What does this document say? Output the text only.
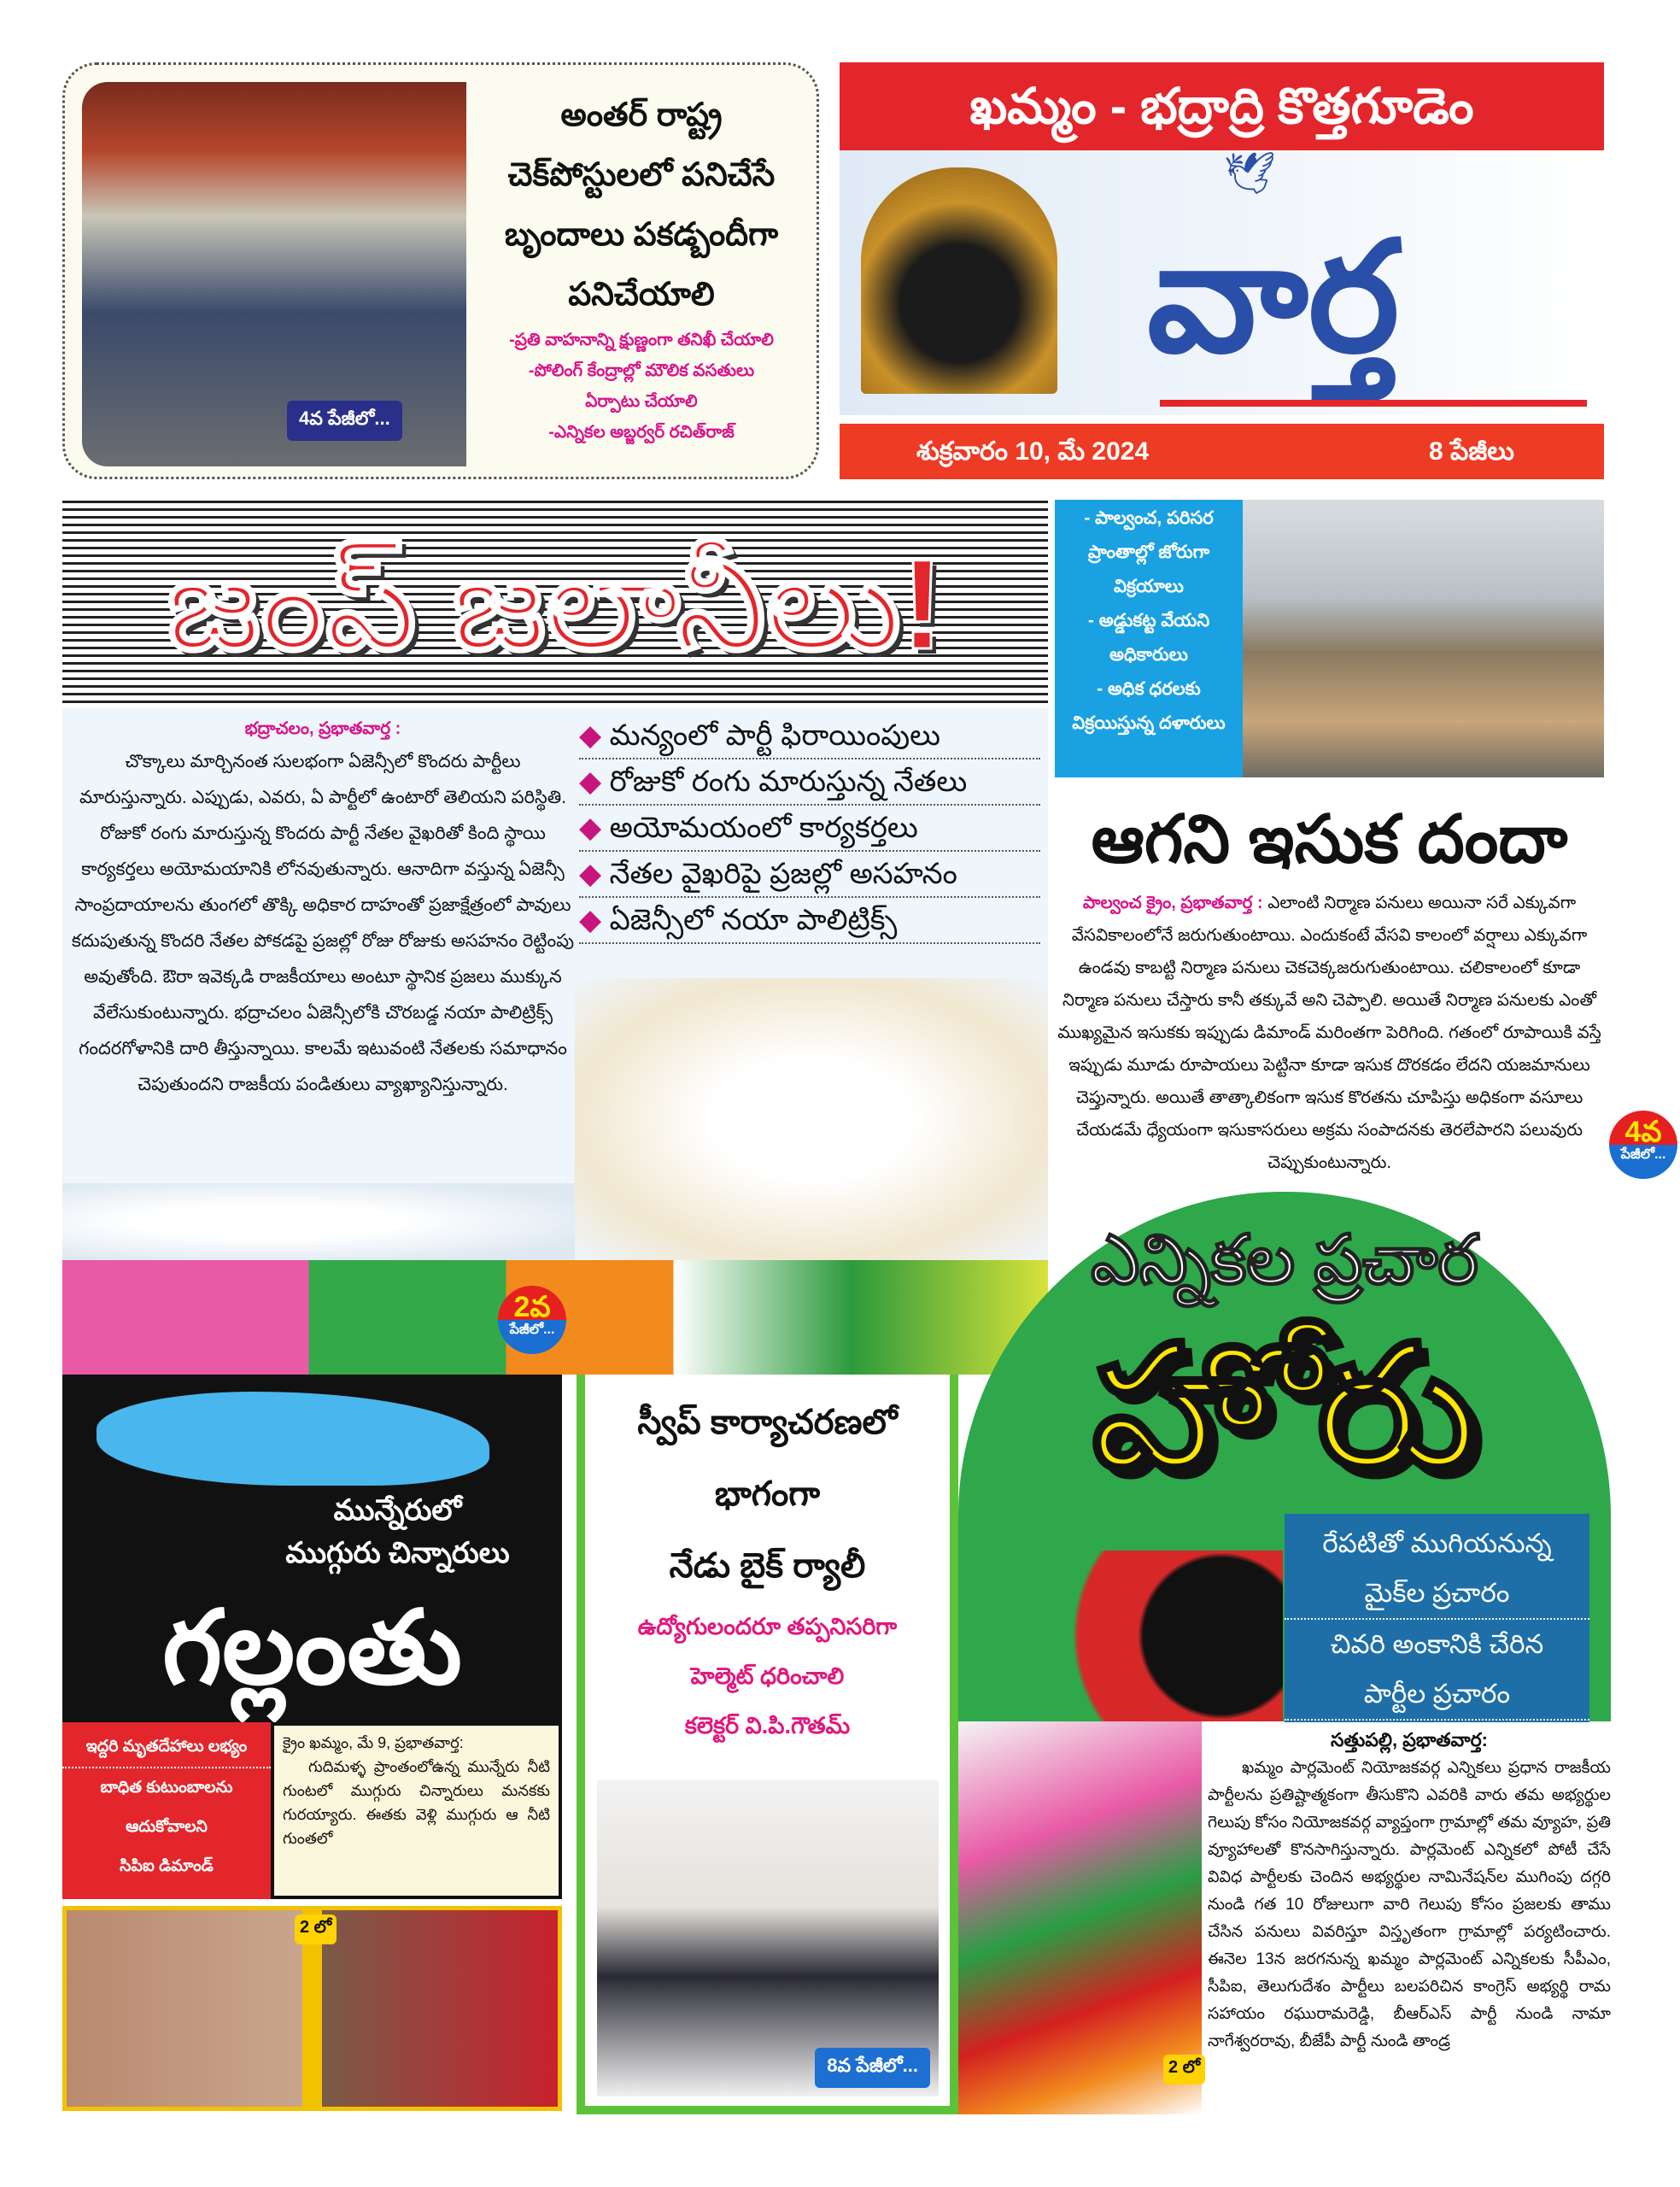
4వ పేజీలో...
అంతర్ రాష్ట్ర
చెక్‌పోస్టులలో పనిచేసే
బృందాలు పకడ్బందీగా
పనిచేయాలి
-ప్రతి వాహనాన్ని క్షుణ్ణంగా తనిఖీ చేయాలి
-పోలింగ్ కేంద్రాల్లో మౌలిక వసతులు
ఏర్పాటు చేయాలి
-ఎన్నికల అబ్జర్వర్ రచిత్‌రాజ్
ఖమ్మం - భద్రాద్రి కొత్తగూడెం
🕊
వార్త
శుక్రవారం 10, మే 2024	8 పేజీలు
జంప్ జలానీలు!
భద్రాచలం, ప్రభాతవార్త :

చొక్కాలు మార్చినంత సులభంగా ఏజెన్సీలో కొందరు పార్టీలు మారుస్తున్నారు. ఎప్పుడు, ఎవరు, ఏ పార్టీలో ఉంటారో తెలియని పరిస్థితి. రోజుకో రంగు మారుస్తున్న కొందరు పార్టీ నేతల వైఖరితో కింది స్థాయి కార్యకర్తలు అయోమయానికి లోనవుతున్నారు. ఆనాదిగా వస్తున్న ఏజెన్సీ సాంప్రదాయాలను తుంగలో తొక్కి అధికార దాహంతో ప్రజాక్షేత్రంలో పావులు కదుపుతున్న కొందరి నేతల పోకడపై ప్రజల్లో రోజు రోజుకు అసహనం రెట్టింపు అవుతోంది. ఔరా ఇవెక్కడి రాజకీయాలు అంటూ స్థానిక ప్రజలు ముక్కున వేలేసుకుంటున్నారు. భద్రాచలం ఏజెన్సీలోకి చొరబడ్డ నయా పాలిట్రిక్స్ గందరగోళానికి దారి తీస్తున్నాయి. కాలమే ఇటువంటి నేతలకు సమాధానం చెపుతుందని రాజకీయ పండితులు వ్యాఖ్యానిస్తున్నారు.

◆ మన్యంలో పార్టీ ఫిరాయింపులు
◆ రోజుకో రంగు మారుస్తున్న నేతలు
◆ అయోమయంలో కార్యకర్తలు
◆ నేతల వైఖరిపై ప్రజల్లో అసహనం
◆ ఏజెన్సీలో నయా పాలిట్రిక్స్
2వ
పేజీలో...
- పాల్వంచ, పరిసర
ప్రాంతాల్లో జోరుగా
విక్రయాలు
- అడ్డుకట్ట వేయని
అధికారులు
- అధిక ధరలకు
విక్రయిస్తున్న దళారులు
ఆగని ఇసుక దందా

పాల్వంచ క్రైం, ప్రభాతవార్త : ఎలాంటి నిర్మాణ పనులు అయినా సరే ఎక్కువగా వేసవికాలంలోనే జరుగుతుంటాయి. ఎందుకంటే వేసవి కాలంలో వర్షాలు ఎక్కువగా ఉండవు కాబట్టి నిర్మాణ పనులు చెకచెక్కజరుగుతుంటాయి. చలికాలంలో కూడా నిర్మాణ పనులు చేస్తారు కానీ తక్కువే అని చెప్పాలి. అయితే నిర్మాణ పనులకు ఎంతో ముఖ్యమైన ఇసుకకు ఇప్పుడు డిమాండ్ మరింతగా పెరిగింది. గతంలో రూపాయికి వస్తే ఇప్పుడు మూడు రూపాయలు పెట్టినా కూడా ఇసుక దొరకడం లేదని యజమానులు చెప్తున్నారు. అయితే తాత్కాలికంగా ఇసుక కొరతను చూపిస్తు అధికంగా వసూలు చేయడమే ధ్యేయంగా ఇసుకాసరులు అక్రమ సంపాదనకు తెరలేపారని పలువురు చెప్పుకుంటున్నారు.

4వ
పేజీలో...
ఎన్నికల ప్రచార
హోరు
రేపటితో ముగియనున్న
మైక్‌ల ప్రచారం
చివరి అంకానికి చేరిన
పార్టీల ప్రచారం
సత్తుపల్లి, ప్రభాతవార్త:

ఖమ్మం పార్లమెంట్ నియోజకవర్గ ఎన్నికలు ప్రధాన రాజకీయ పార్టీలను ప్రతిష్టాత్మకంగా తీసుకొని ఎవరికి వారు తమ అభ్యర్థుల గెలుపు కోసం నియోజకవర్గ వ్యాప్తంగా గ్రామాల్లో తమ వ్యూహ, ప్రతి వ్యూహాలతో కొనసాగిస్తున్నారు. పార్లమెంట్ ఎన్నికలో పోటీ చేసే వివిధ పార్టీలకు చెందిన అభ్యర్థుల నామినేషన్‌ల ముగింపు దగ్గరి నుండి గత 10 రోజులుగా వారి గెలుపు కోసం ప్రజలకు తాము చేసిన పనులు వివరిస్తూ విస్తృతంగా గ్రామాల్లో పర్యటించారు. ఈనెల 13న జరగనున్న ఖమ్మం పార్లమెంట్ ఎన్నికలకు సీపీఎం, సీపిఐ, తెలుగుదేశం పార్టీలు బలపరిచిన కాంగ్రెస్ అభ్యర్థి రామ సహాయం రఘురామరెడ్డి, బీఆర్ఎస్ పార్టీ నుండి నామా నాగేశ్వరరావు, బీజేపీ పార్టీ నుండి తాండ్ర

2 లో
మున్నేరులో
ముగ్గురు చిన్నారులు
గల్లంతు
ఇద్దరి మృతదేహాలు లభ్యం
బాధిత కుటుంబాలను
ఆదుకోవాలని
సిపిఐ డిమాండ్
క్రైం ఖమ్మం, మే 9, ప్రభాతవార్త:

గుదిమళ్ళ ప్రాంతంలోఉన్న మున్నేరు నీటి గుంటలో ముగ్గురు చిన్నారులు మనకకు గురయ్యారు. ఈతకు వెళ్లి ముగ్గురు ఆ నీటి గుంతలో

2 లో
స్వీప్ కార్యాచరణలో
భాగంగా
నేడు బైక్ ర్యాలీ
ఉద్యోగులందరూ తప్పనిసరిగా
హెల్మెట్ ధరించాలి
కలెక్టర్ వి.పి.గౌతమ్
8వ పేజీలో...
